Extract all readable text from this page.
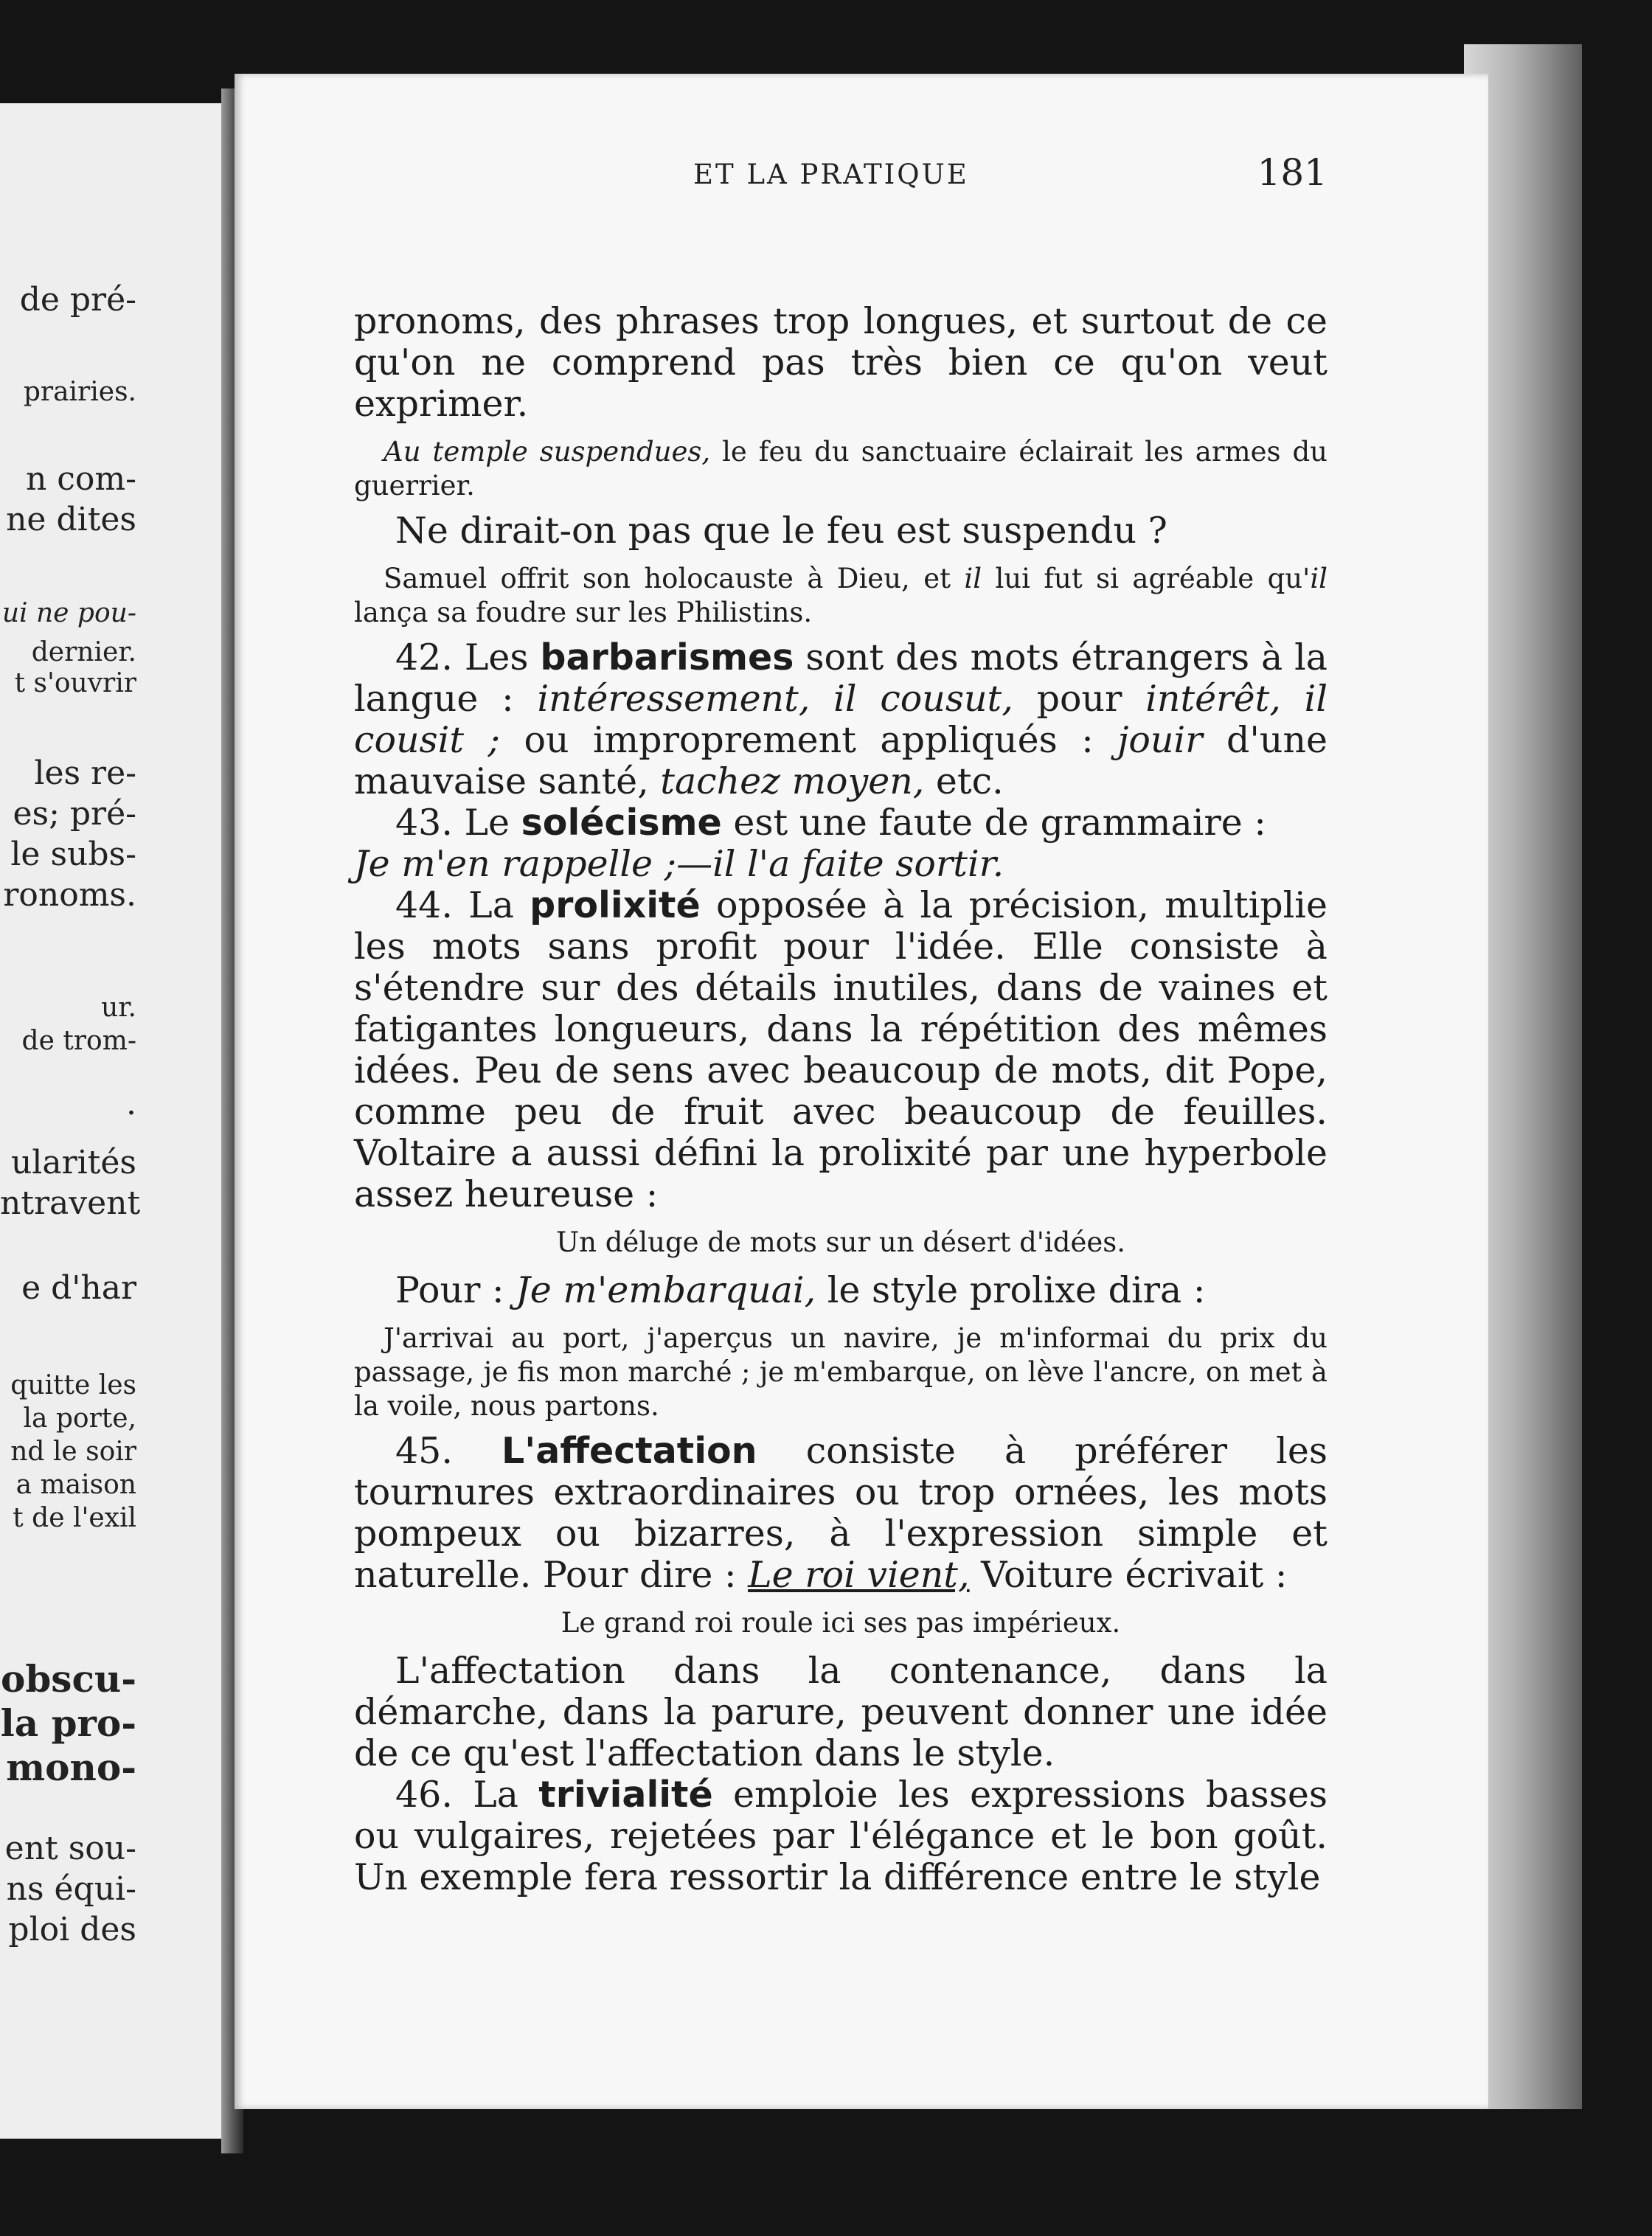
de pré-
prairies.
n com-
ne dites
ui ne pou-
dernier.
t s'ouvrir
les re-
es; pré-
le subs-
ronoms.
ur.
de trom-
.
ularités
ntravent
e d'har
quitte les
la porte,
nd le soir
a maison
t de l'exil
obscu-
la pro-
mono-
ent sou-
ns équi-
ploi des
ET LA PRATIQUE	181

pronoms, des phrases trop longues, et surtout de ce qu'on ne comprend pas très bien ce qu'on veut exprimer.

Au temple suspendues, le feu du sanctuaire éclairait les armes du guerrier.

Ne dirait-on pas que le feu est suspendu ?

Samuel offrit son holocauste à Dieu, et il lui fut si agréable qu'il lança sa foudre sur les Philistins.

42. Les barbarismes sont des mots étrangers à la langue : intéressement, il cousut, pour intérêt, il cousit ; ou improprement appliqués : jouir d'une mauvaise santé, tachez moyen, etc.

43. Le solécisme est une faute de grammaire :

Je m'en rappelle ;—il l'a faite sortir.

44. La prolixité opposée à la précision, multiplie les mots sans profit pour l'idée. Elle consiste à s'étendre sur des détails inutiles, dans de vaines et fatigantes longueurs, dans la répétition des mêmes idées. Peu de sens avec beaucoup de mots, dit Pope, comme peu de fruit avec beaucoup de feuilles. Voltaire a aussi défini la prolixité par une hyperbole assez heureuse :

Un déluge de mots sur un désert d'idées.

Pour : Je m'embarquai, le style prolixe dira :

J'arrivai au port, j'aperçus un navire, je m'informai du prix du passage, je fis mon marché ; je m'embarque, on lève l'ancre, on met à la voile, nous partons.

45. L'affectation consiste à préférer les tournures extraordinaires ou trop ornées, les mots pompeux ou bizarres, à l'expression simple et naturelle. Pour dire : Le roi vient, Voiture écrivait :

Le grand roi roule ici ses pas impérieux.

L'affectation dans la contenance, dans la démarche, dans la parure, peuvent donner une idée de ce qu'est l'affectation dans le style.

46. La trivialité emploie les expressions basses ou vulgaires, rejetées par l'élégance et le bon goût. Un exemple fera ressortir la différence entre le style
